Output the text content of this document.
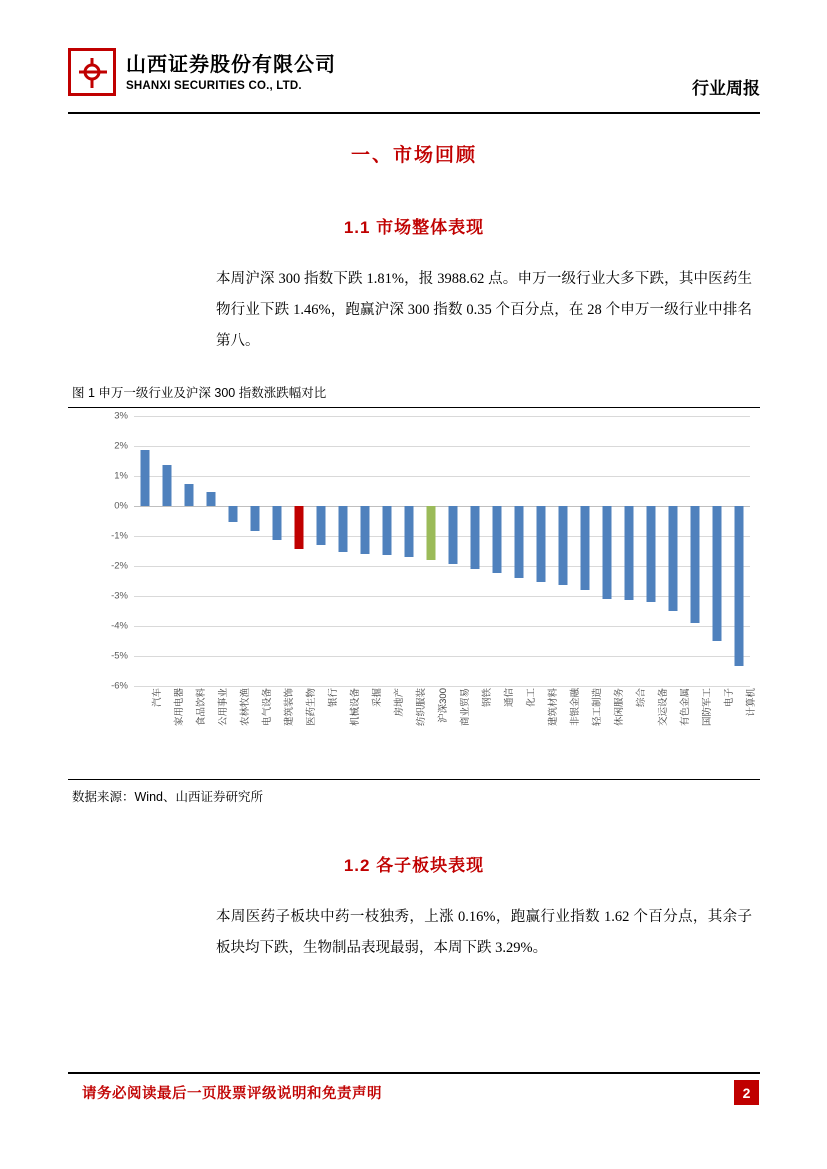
山西证券股份有限公司
SHANXI SECURITIES CO., LTD.	行业周报
一、市场回顾
1.1 市场整体表现

本周沪深 300 指数下跌 1.81%，报 3988.62 点。申万一级行业大多下跌，其中医药生物行业下跌 1.46%，跑赢沪深 300 指数 0.35 个百分点，在 28 个申万一级行业中排名第八。

图 1 申万一级行业及沪深 300 指数涨跌幅对比
3%
2%
1%
0%
-1%
-2%
-3%
-4%
-5%
-6%
汽车	家用电器	食品饮料	公用事业	农林牧渔	电气设备	建筑装饰	医药生物	银行	机械设备	采掘	房地产	纺织服装	沪深300	商业贸易	钢铁	通信	化工	建筑材料	非银金融	轻工制造	休闲服务	综合	交运设备	有色金属	国防军工	电子	计算机
数据来源：Wind、山西证券研究所
1.2 各子板块表现

本周医药子板块中药一枝独秀，上涨 0.16%，跑赢行业指数 1.62 个百分点，其余子板块均下跌，生物制品表现最弱，本周下跌 3.29%。

请务必阅读最后一页股票评级说明和免责声明	2
